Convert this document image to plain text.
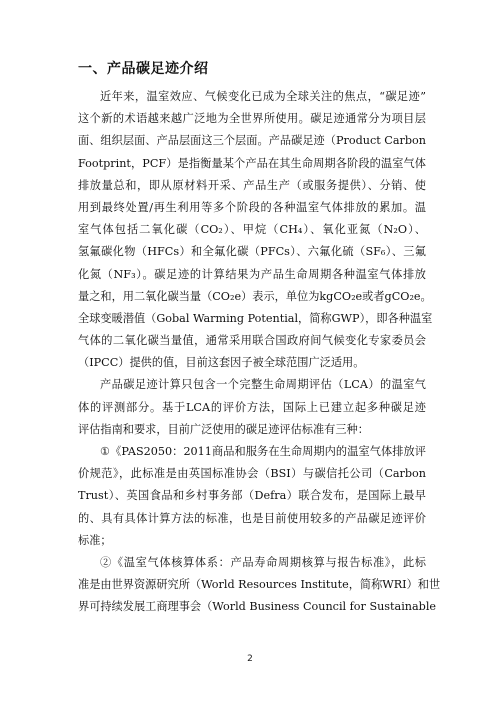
一、产品碳足迹介绍
近年来，温室效应、气候变化已成为全球关注的焦点，“碳足迹”
这个新的术语越来越广泛地为全世界所使用。碳足迹通常分为项目层
面、组织层面、产品层面这三个层面。产品碳足迹（Product Carbon
Footprint，PCF）是指衡量某个产品在其生命周期各阶段的温室气体
排放量总和，即从原材料开采、产品生产（或服务提供）、分销、使
用到最终处置/再生利用等多个阶段的各种温室气体排放的累加。温
室气体包括二氧化碳（CO₂）、甲烷（CH₄）、氧化亚氮（N₂O）、
氢氟碳化物（HFCs）和全氟化碳（PFCs）、六氟化硫（SF₆）、三氟
化氮（NF₃）。碳足迹的计算结果为产品生命周期各种温室气体排放
量之和，用二氧化碳当量（CO₂e）表示，单位为kgCO₂e或者gCO₂e。
全球变暖潜值（Gobal Warming Potential，简称GWP），即各种温室
气体的二氧化碳当量值，通常采用联合国政府间气候变化专家委员会
（IPCC）提供的值，目前这套因子被全球范围广泛适用。
产品碳足迹计算只包含一个完整生命周期评估（LCA）的温室气
体的评测部分。基于LCA的评价方法，国际上已建立起多种碳足迹
评估指南和要求，目前广泛使用的碳足迹评估标准有三种：
①《PAS2050：2011商品和服务在生命周期内的温室气体排放评
价规范》，此标准是由英国标准协会（BSI）与碳信托公司（Carbon
Trust）、英国食品和乡村事务部（Defra）联合发布，是国际上最早
的、具有具体计算方法的标准，也是目前使用较多的产品碳足迹评价
标准；
②《温室气体核算体系：产品寿命周期核算与报告标准》，此标
准是由世界资源研究所（World Resources Institute，简称WRI）和世
界可持续发展工商理事会（World Business Council for Sustainable
2
